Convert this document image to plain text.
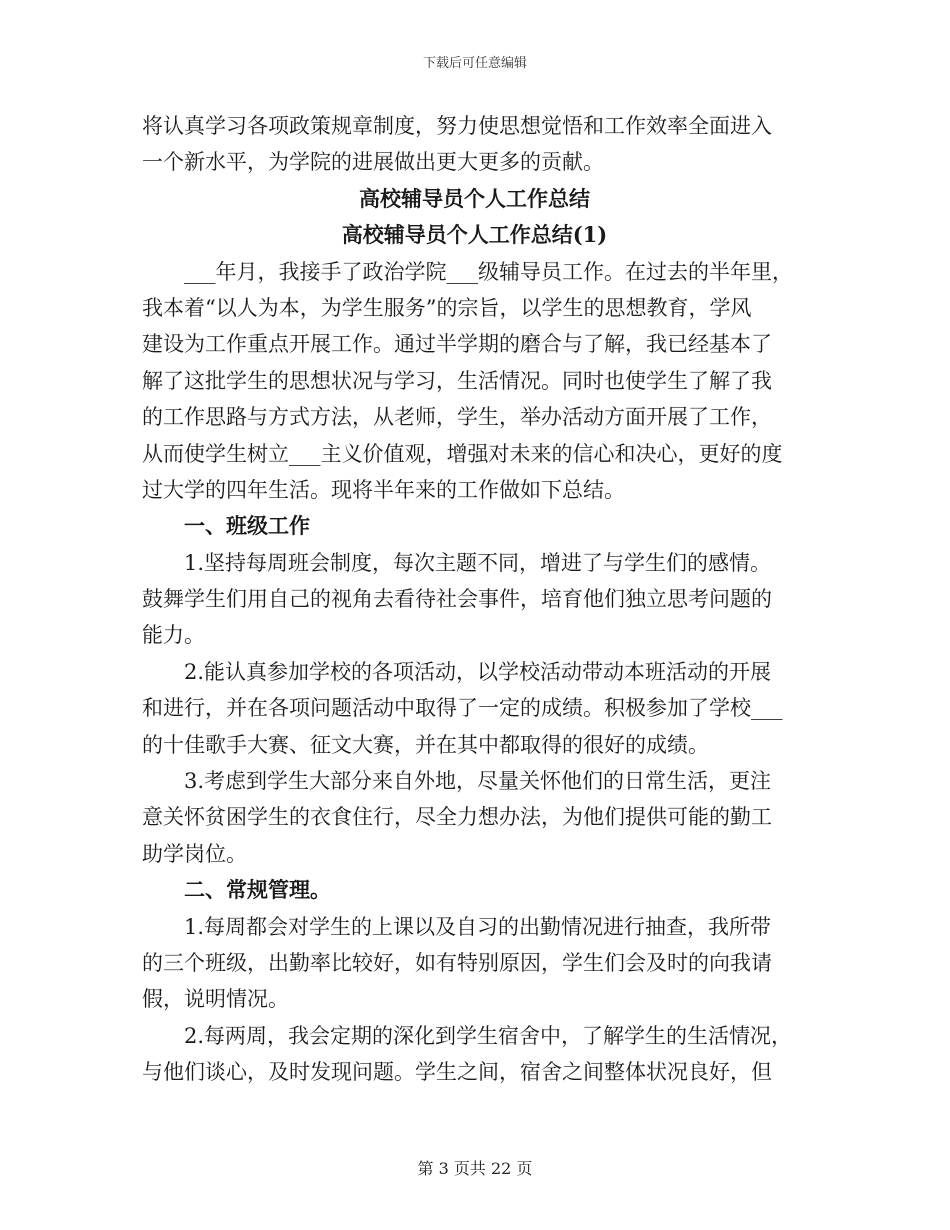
下载后可任意编辑
将认真学习各项政策规章制度，努力使思想觉悟和工作效率全面进入
一个新水平，为学院的进展做出更大更多的贡献。
高校辅导员个人工作总结
高校辅导员个人工作总结(1)
___年月，我接手了政治学院___级辅导员工作。在过去的半年里，
我本着“以人为本，为学生服务”的宗旨，以学生的思想教育，学风
建设为工作重点开展工作。通过半学期的磨合与了解，我已经基本了
解了这批学生的思想状况与学习，生活情况。同时也使学生了解了我
的工作思路与方式方法，从老师，学生，举办活动方面开展了工作，
从而使学生树立___主义价值观，增强对未来的信心和决心，更好的度
过大学的四年生活。现将半年来的工作做如下总结。
一、班级工作
1.坚持每周班会制度，每次主题不同，增进了与学生们的感情。
鼓舞学生们用自己的视角去看待社会事件，培育他们独立思考问题的
能力。
2.能认真参加学校的各项活动，以学校活动带动本班活动的开展
和进行，并在各项问题活动中取得了一定的成绩。积极参加了学校___
的十佳歌手大赛、征文大赛，并在其中都取得的很好的成绩。
3.考虑到学生大部分来自外地，尽量关怀他们的日常生活，更注
意关怀贫困学生的衣食住行，尽全力想办法，为他们提供可能的勤工
助学岗位。
二、常规管理。
1.每周都会对学生的上课以及自习的出勤情况进行抽查，我所带
的三个班级，出勤率比较好，如有特别原因，学生们会及时的向我请
假，说明情况。
2.每两周，我会定期的深化到学生宿舍中，了解学生的生活情况，
与他们谈心，及时发现问题。学生之间，宿舍之间整体状况良好，但
第 3 页共 22 页
